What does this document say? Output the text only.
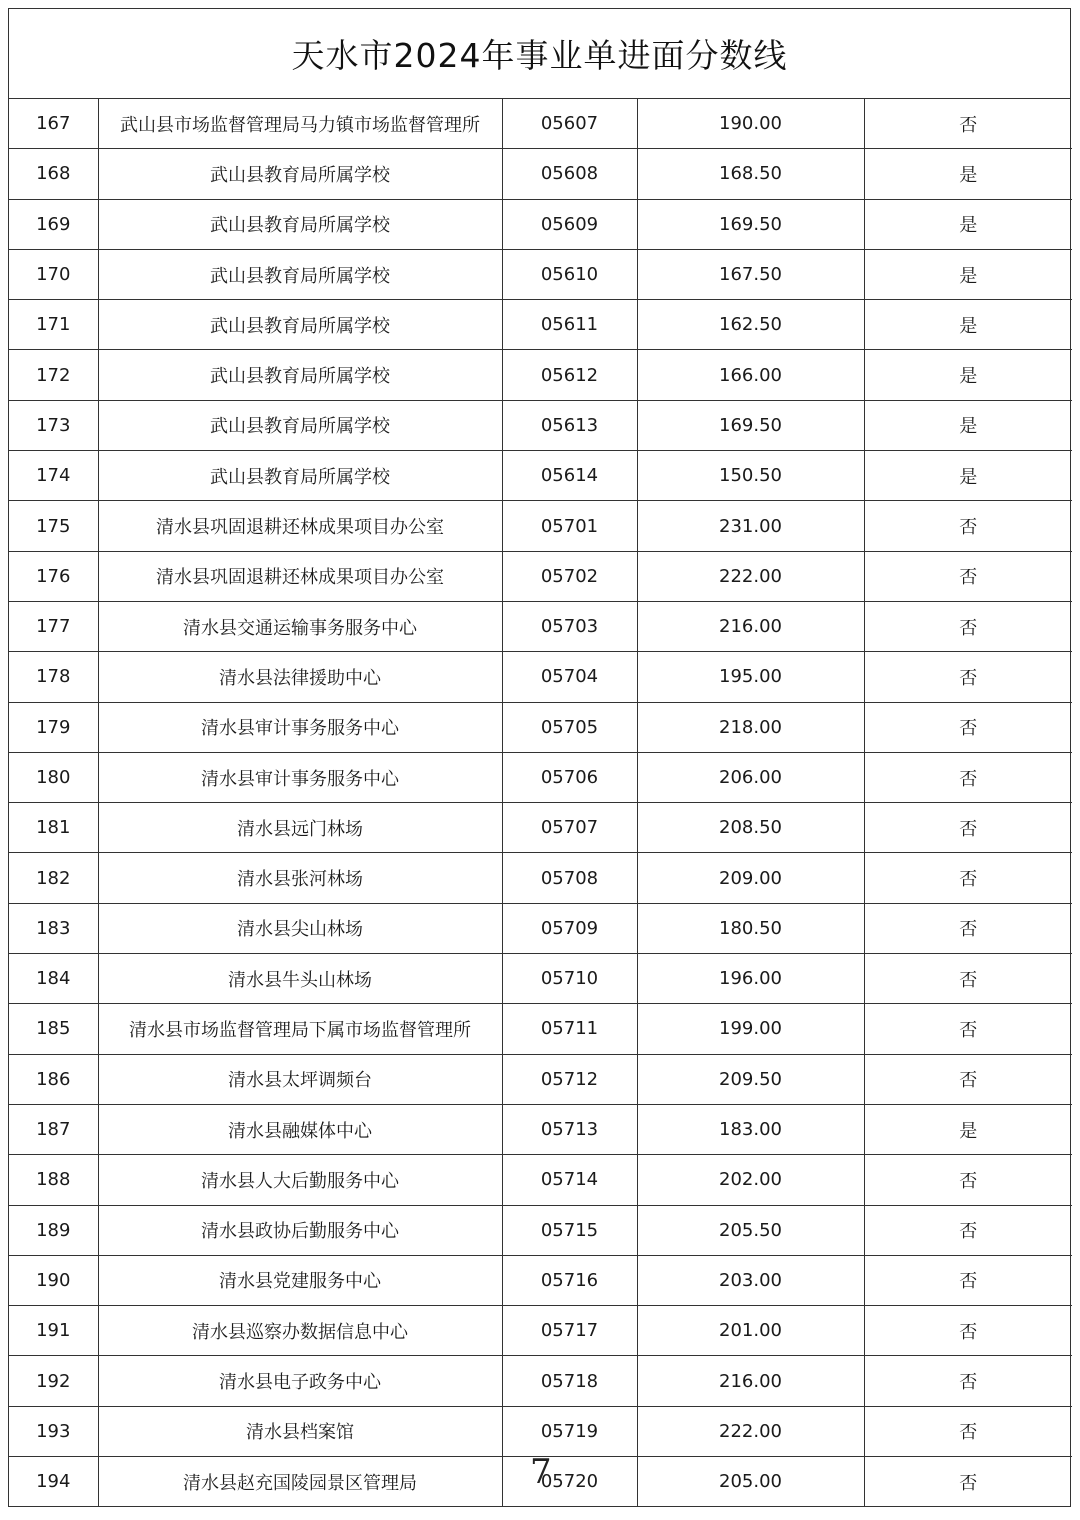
天水市2024年事业单进面分数线
167	武山县市场监督管理局马力镇市场监督管理所	05607	190.00	否
168	武山县教育局所属学校	05608	168.50	是
169	武山县教育局所属学校	05609	169.50	是
170	武山县教育局所属学校	05610	167.50	是
171	武山县教育局所属学校	05611	162.50	是
172	武山县教育局所属学校	05612	166.00	是
173	武山县教育局所属学校	05613	169.50	是
174	武山县教育局所属学校	05614	150.50	是
175	清水县巩固退耕还林成果项目办公室	05701	231.00	否
176	清水县巩固退耕还林成果项目办公室	05702	222.00	否
177	清水县交通运输事务服务中心	05703	216.00	否
178	清水县法律援助中心	05704	195.00	否
179	清水县审计事务服务中心	05705	218.00	否
180	清水县审计事务服务中心	05706	206.00	否
181	清水县远门林场	05707	208.50	否
182	清水县张河林场	05708	209.00	否
183	清水县尖山林场	05709	180.50	否
184	清水县牛头山林场	05710	196.00	否
185	清水县市场监督管理局下属市场监督管理所	05711	199.00	否
186	清水县太坪调频台	05712	209.50	否
187	清水县融媒体中心	05713	183.00	是
188	清水县人大后勤服务中心	05714	202.00	否
189	清水县政协后勤服务中心	05715	205.50	否
190	清水县党建服务中心	05716	203.00	否
191	清水县巡察办数据信息中心	05717	201.00	否
192	清水县电子政务中心	05718	216.00	否
193	清水县档案馆	05719	222.00	否
194	清水县赵充国陵园景区管理局	05720	205.00	否
7
